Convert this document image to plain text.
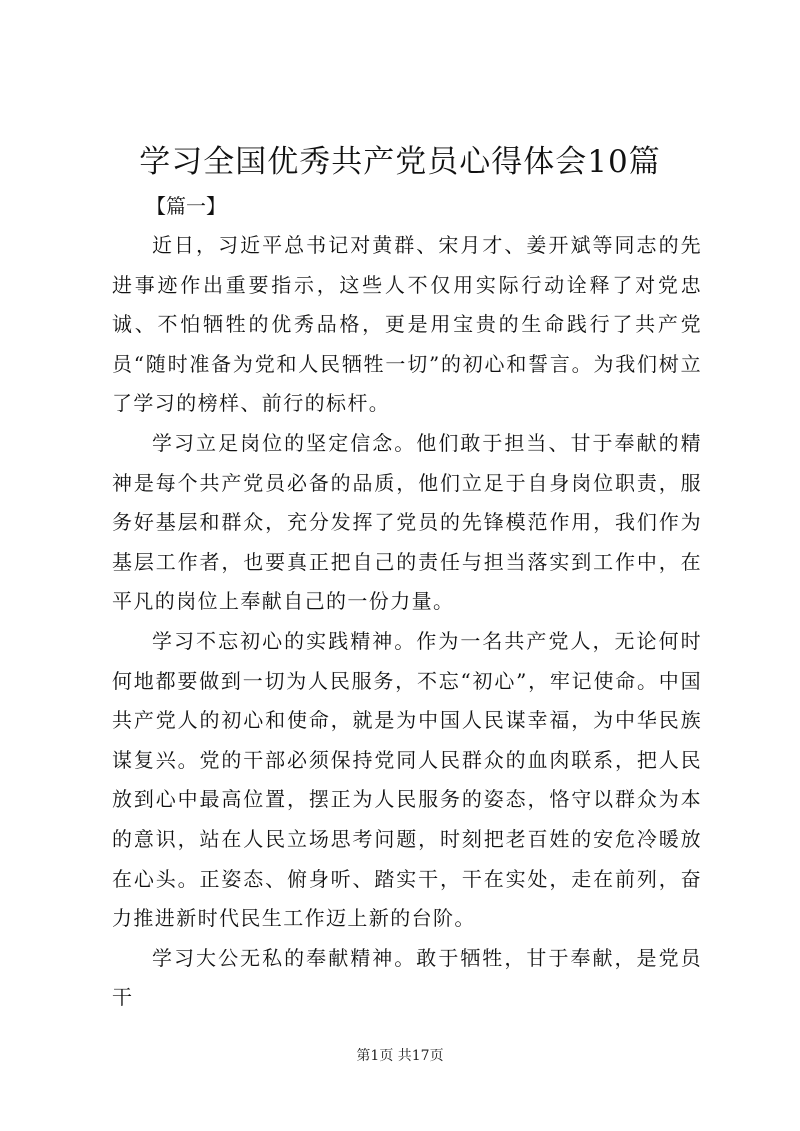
学习全国优秀共产党员心得体会10篇
【篇一】

近日，习近平总书记对黄群、宋月才、姜开斌等同志的先进事迹作出重要指示，这些人不仅用实际行动诠释了对党忠诚、不怕牺牲的优秀品格，更是用宝贵的生命践行了共产党员“随时准备为党和人民牺牲一切”的初心和誓言。为我们树立了学习的榜样、前行的标杆。

学习立足岗位的坚定信念。他们敢于担当、甘于奉献的精神是每个共产党员必备的品质，他们立足于自身岗位职责，服务好基层和群众，充分发挥了党员的先锋模范作用，我们作为基层工作者，也要真正把自己的责任与担当落实到工作中，在平凡的岗位上奉献自己的一份力量。

学习不忘初心的实践精神。作为一名共产党人，无论何时何地都要做到一切为人民服务，不忘“初心”，牢记使命。中国共产党人的初心和使命，就是为中国人民谋幸福，为中华民族谋复兴。党的干部必须保持党同人民群众的血肉联系，把人民放到心中最高位置，摆正为人民服务的姿态，恪守以群众为本的意识，站在人民立场思考问题，时刻把老百姓的安危冷暖放在心头。正姿态、俯身听、踏实干，干在实处，走在前列，奋力推进新时代民生工作迈上新的台阶。

学习大公无私的奉献精神。敢于牺牲，甘于奉献，是党员干

第1页 共17页
